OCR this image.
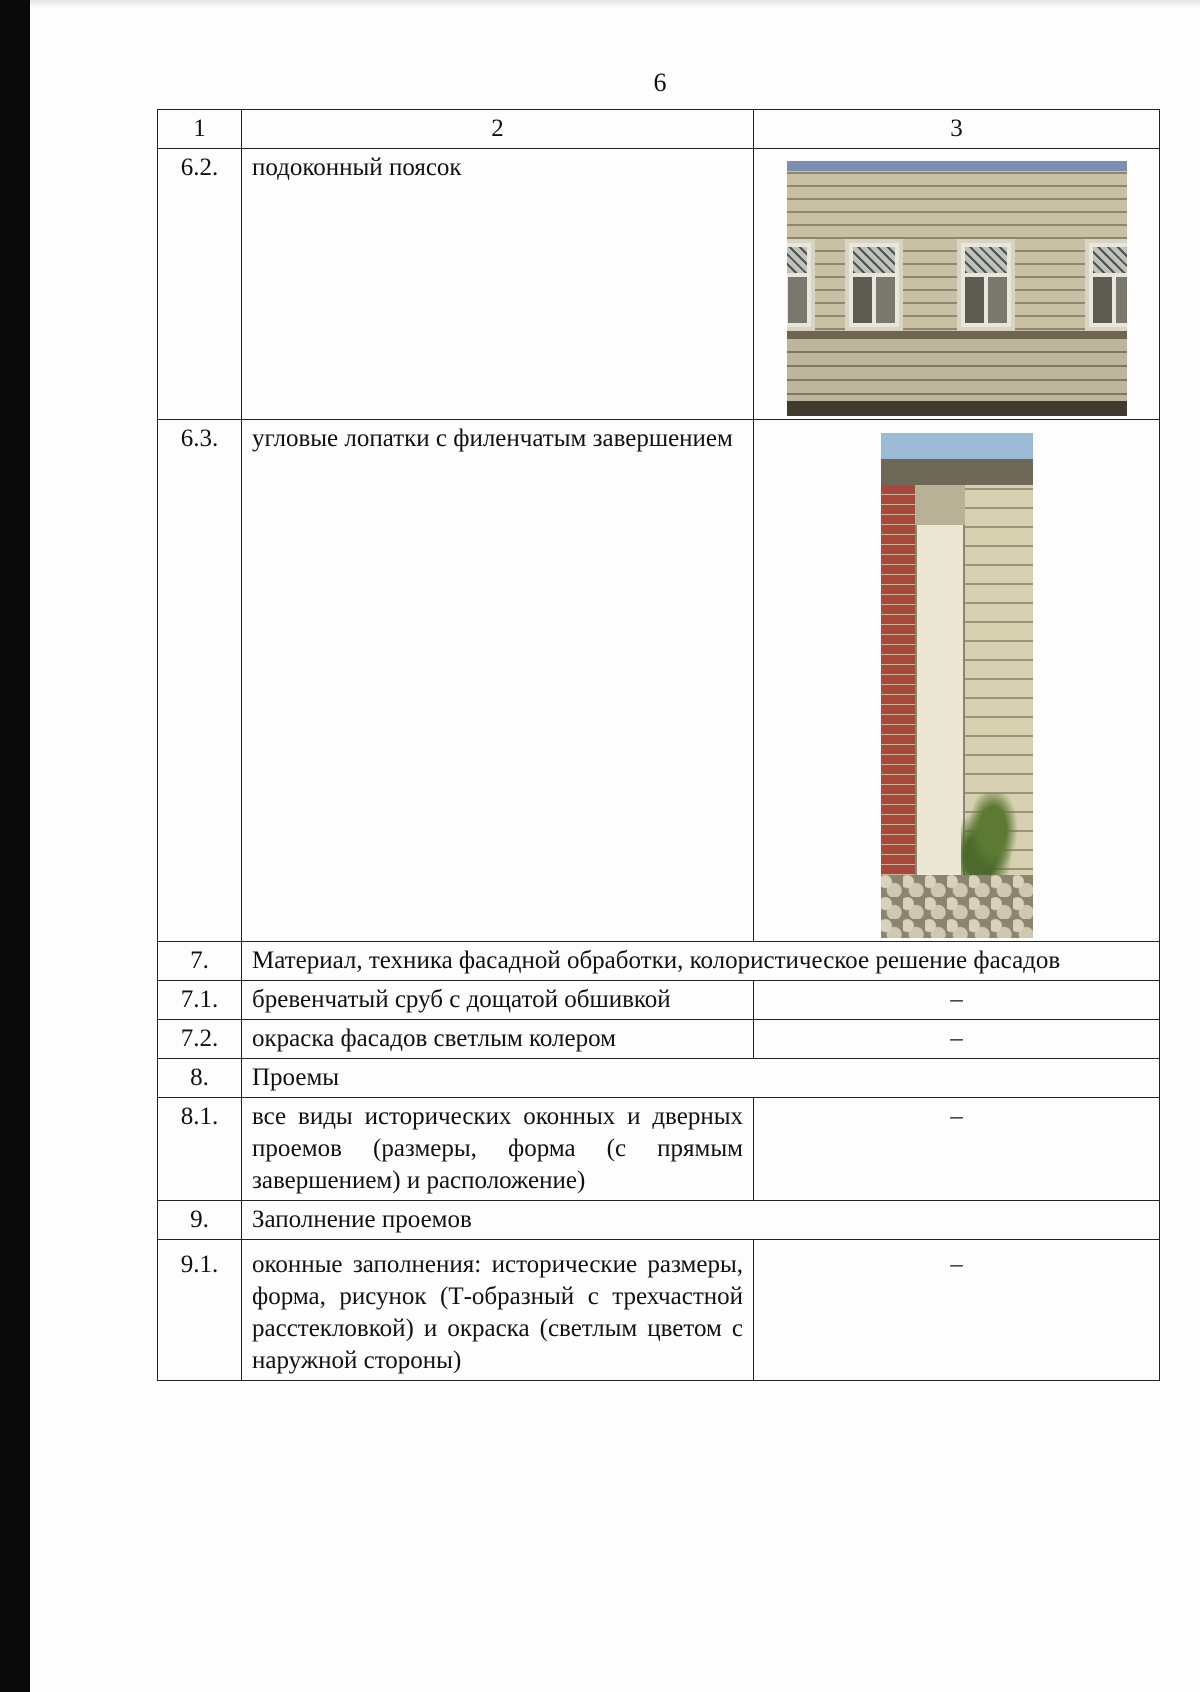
6
1	2	3
6.2.	подоконный поясок	

6.3.	угловые лопатки с филенчатым завершением	

7.	Материал, техника фасадной обработки, колористическое решение фасадов	
7.1.	бревенчатый сруб с дощатой обшивкой	–
7.2.	окраска фасадов светлым колером	–
8.	Проемы	
8.1.	все виды исторических оконных и дверных проемов (размеры, форма (с прямым завершением) и расположение)	–
9.	Заполнение проемов	
9.1.	оконные заполнения: исторические размеры, форма, рисунок (Т-образный с трехчастной расстекловкой) и окраска (светлым цветом с наружной стороны)	–
